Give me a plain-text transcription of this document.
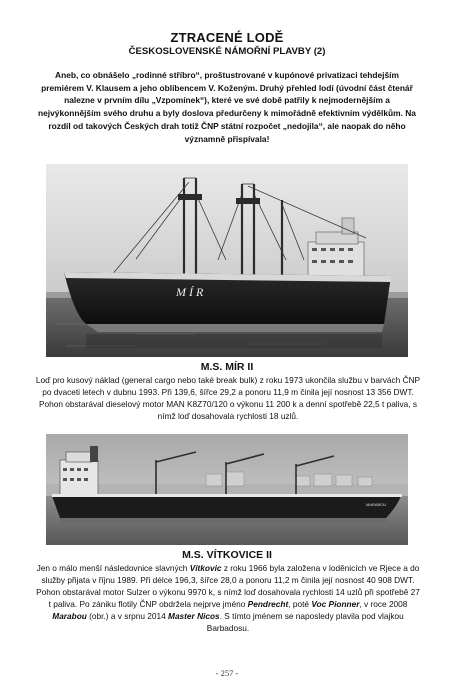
ZTRACENÉ LODĚ
ČESKOSLOVENSKÉ NÁMOŘNÍ PLAVBY (2)

Aneb, co obnášelo „rodinné stříbro“, proštustrované v kupónové privatizaci tehdejším premiérem V. Klausem a jeho oblíbencem V. Koženým. Druhý přehled lodí (úvodní část čtenář nalezne v prvním dílu „Vzpomínek“), které ve své době patřily k nejmodernějším a nejvýkonnějším svého druhu a byly doslova předurčeny k mimořádně efektivním výdělkům. Na rozdíl od takových Českých drah totiž ČNP státní rozpočet „nedojila“, ale naopak do něho významně přispívala!

MÍR
M.S. MÍR II

Loď pro kusový náklad (general cargo nebo také break bulk) z roku 1973 ukončila službu v barvách ČNP po dvaceti letech v dubnu 1993. Při 139,6, šířce 29,2 a ponoru 11,9 m činila její nosnost 13 356 DWT. Pohon obstarával dieselový motor MAN K8Z70/120 o výkonu 11 200 k a denní spotřebě 22,5 t paliva, s nímž loď dosahovala rychlosti 18 uzlů.

MARABOU
M.S. VÍTKOVICE II

Jen o málo menší následovnice slavných Vítkovic z roku 1966 byla založena v loděnicích ve Rjece a do služby přijata v říjnu 1989. Při délce 196,3, šířce 28,0 a ponoru 11,2 m činila její nosnost 40 908 DWT. Pohon obstarával motor Sulzer o výkonu 9970 k, s nímž loď dosahovala rychlosti 14 uzlů při spotřebě 27 t paliva. Po zániku flotily ČNP obdržela nejprve jméno Pendrecht, poté Voc Pionner, v roce 2008 Marabou (obr.) a v srpnu 2014 Master Nicos. S tímto jménem se naposledy plavila pod vlajkou Barbadosu.

- 257 -
